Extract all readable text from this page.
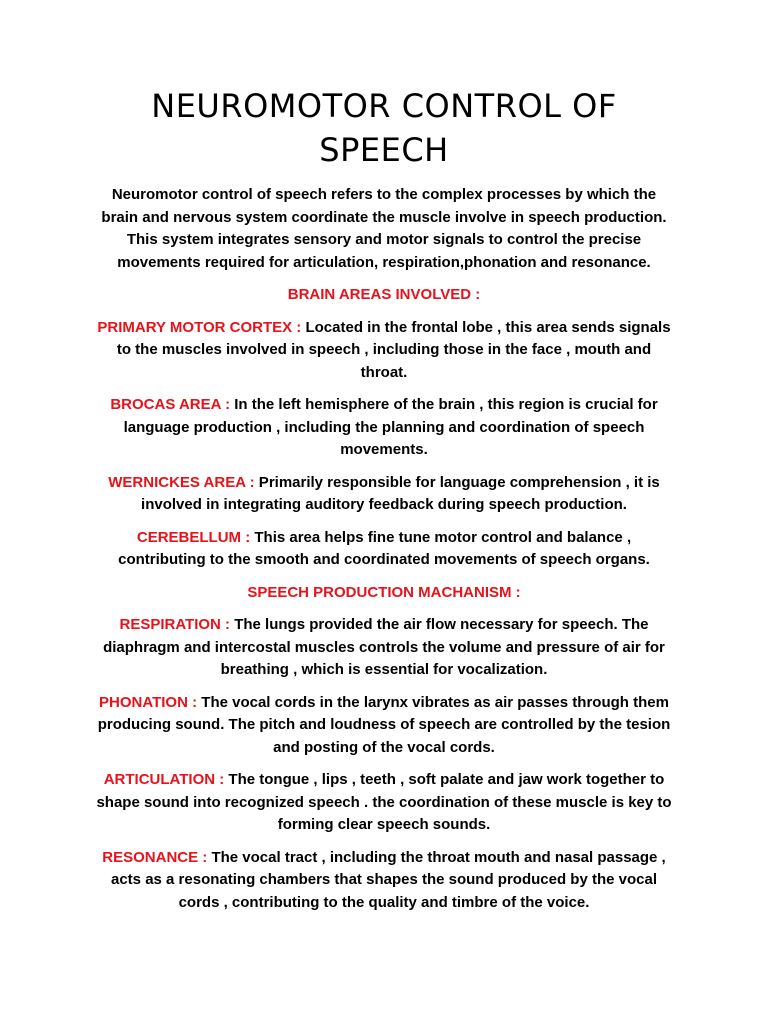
NEUROMOTOR CONTROL OF SPEECH

Neuromotor control of speech refers to the complex processes by which the brain and nervous system coordinate the muscle involve in speech production. This system integrates sensory and motor signals to control the precise movements required for articulation, respiration,phonation and resonance.

BRAIN AREAS INVOLVED :

PRIMARY MOTOR CORTEX : Located in the frontal lobe , this area sends signals to the muscles involved in speech , including those in the face , mouth and throat.

BROCAS AREA : In the left hemisphere of the brain , this region is crucial for language production , including the planning and coordination of speech movements.

WERNICKES AREA : Primarily responsible for language comprehension , it is involved in integrating auditory feedback during speech production.

CEREBELLUM : This area helps fine tune motor control and balance , contributing to the smooth and coordinated movements of speech organs.

SPEECH PRODUCTION MACHANISM :

RESPIRATION : The lungs provided the air flow necessary for speech. The diaphragm and intercostal muscles controls the volume and pressure of air for breathing , which is essential for vocalization.

PHONATION : The vocal cords in the larynx vibrates as air passes through them producing sound. The pitch and loudness of speech are controlled by the tesion and posting of the vocal cords.

ARTICULATION : The tongue , lips , teeth , soft palate and jaw work together to shape sound into recognized speech . the coordination of these muscle is key to forming clear speech sounds.

RESONANCE : The vocal tract , including the throat mouth and nasal passage , acts as a resonating chambers that shapes the sound produced by the vocal cords , contributing to the quality and timbre of the voice.
